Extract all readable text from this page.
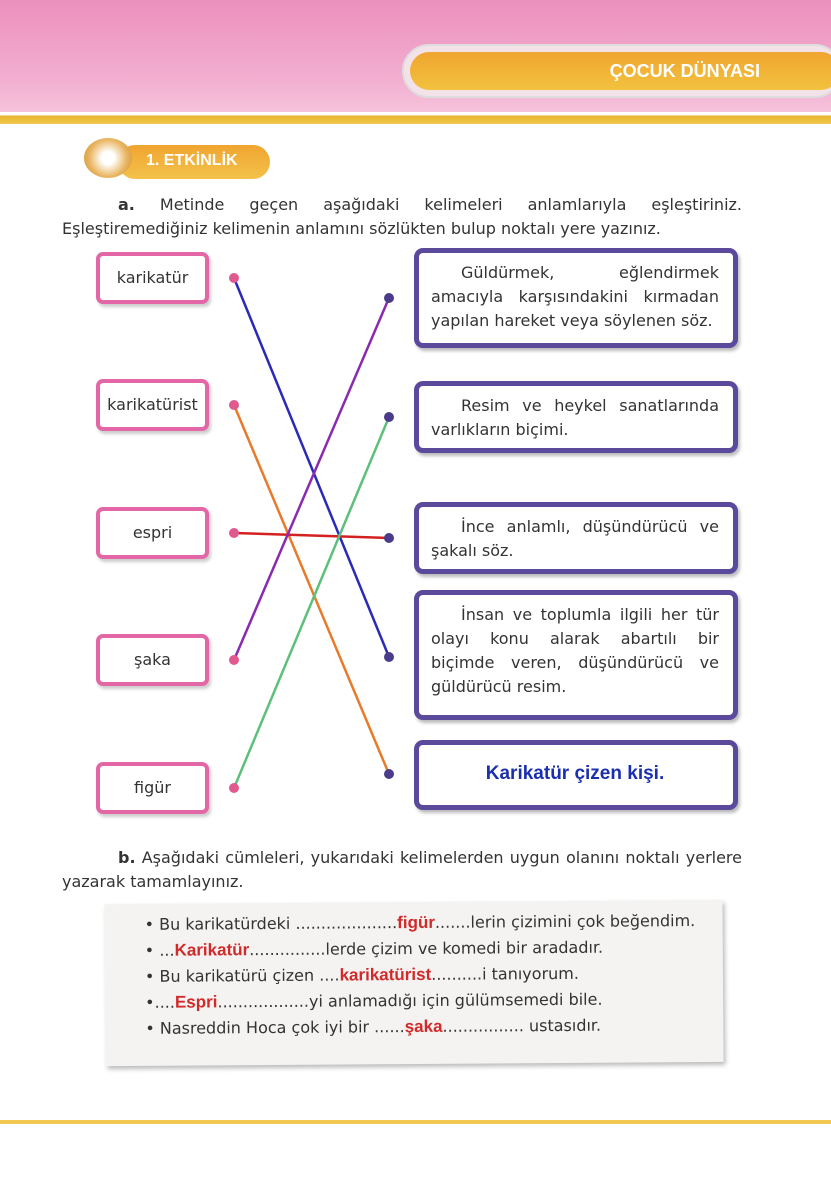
ÇOCUK DÜNYASI
1. ETKİNLİK
a. Metinde geçen aşağıdaki kelimeleri anlamlarıyla eşleştiriniz. Eşleştiremediğiniz kelimenin anlamını sözlükten bulup noktalı yere yazınız.
karikatür
karikatürist
espri
şaka
figür
Güldürmek, eğlendirmek amacıyla karşısındakini kırmadan yapılan hareket veya söylenen söz.
Resim ve heykel sanatlarında varlıkların biçimi.
İnce anlamlı, düşündürücü ve şakalı söz.
İnsan ve toplumla ilgili her tür olayı konu alarak abartılı bir biçimde veren, düşündürücü ve güldürücü resim.
Karikatür çizen kişi.
b. Aşağıdaki cümleleri, yukarıdaki kelimelerden uygun olanını noktalı yerlere yazarak tamamlayınız.
• Bu karikatürdeki ....................figür.......lerin çizimini çok beğendim.
• ...Karikatür...............lerde çizim ve komedi bir aradadır.
• Bu karikatürü çizen ....karikatürist..........i tanıyorum.
•....Espri..................yi anlamadığı için gülümsemedi bile.
• Nasreddin Hoca çok iyi bir ......şaka................ ustasıdır.
